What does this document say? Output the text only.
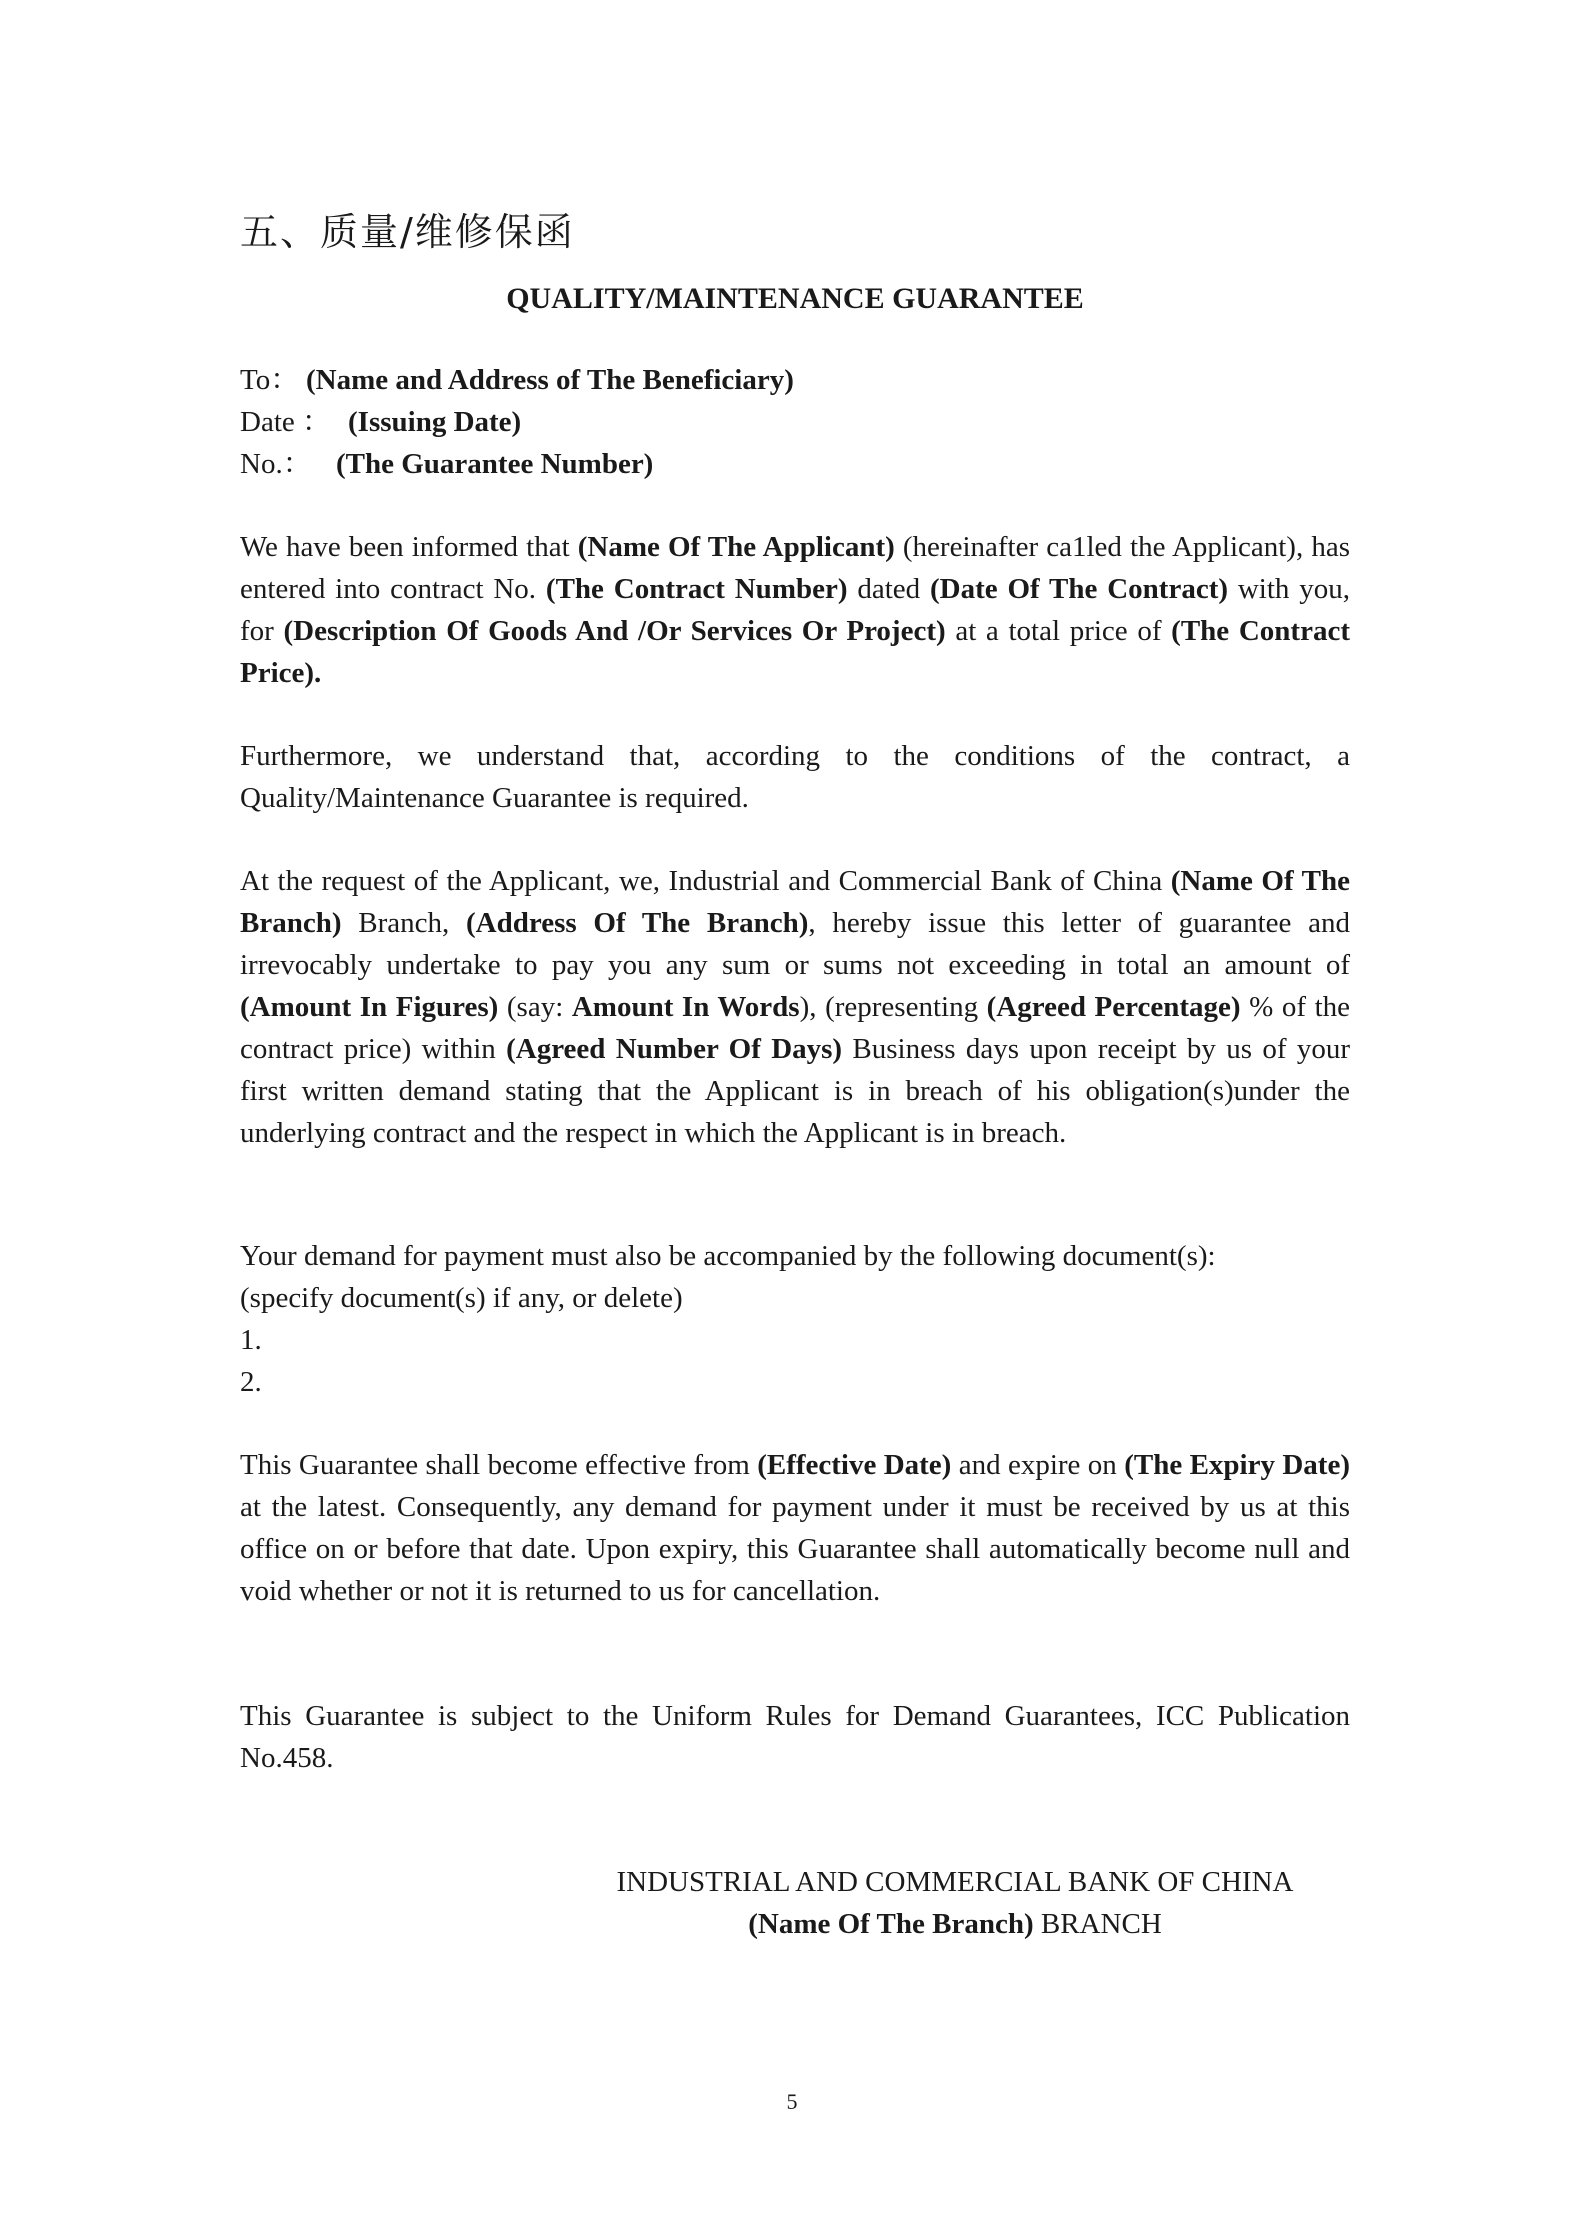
五、质量/维修保函
QUALITY/MAINTENANCE GUARANTEE
To： (Name and Address of The Beneficiary)
Date ： (Issuing Date)
No.： (The Guarantee Number)

We have been informed that (Name Of The Applicant) (hereinafter ca1led the Applicant), has entered into contract No. (The Contract Number) dated (Date Of The Contract) with you, for (Description Of Goods And /Or Services Or Project) at a total price of (The Contract Price).

Furthermore, we understand that, according to the conditions of the contract, a Quality/Maintenance Guarantee is required.

At the request of the Applicant, we, Industrial and Commercial Bank of China (Name Of The Branch) Branch, (Address Of The Branch), hereby issue this letter of guarantee and irrevocably undertake to pay you any sum or sums not exceeding in total an amount of (Amount In Figures) (say: Amount In Words), (representing (Agreed Percentage) % of the contract price) within (Agreed Number Of Days) Business days upon receipt by us of your first written demand stating that the Applicant is in breach of his obligation(s)under the underlying contract and the respect in which the Applicant is in breach.

Your demand for payment must also be accompanied by the following document(s):
(specify document(s) if any, or delete)
1.
2.

This Guarantee shall become effective from (Effective Date) and expire on (The Expiry Date) at the latest. Consequently, any demand for payment under it must be received by us at this office on or before that date. Upon expiry, this Guarantee shall automatically become null and void whether or not it is returned to us for cancellation.

This Guarantee is subject to the Uniform Rules for Demand Guarantees, ICC Publication No.458.

INDUSTRIAL AND COMMERCIAL BANK OF CHINA
(Name Of The Branch) BRANCH
5
